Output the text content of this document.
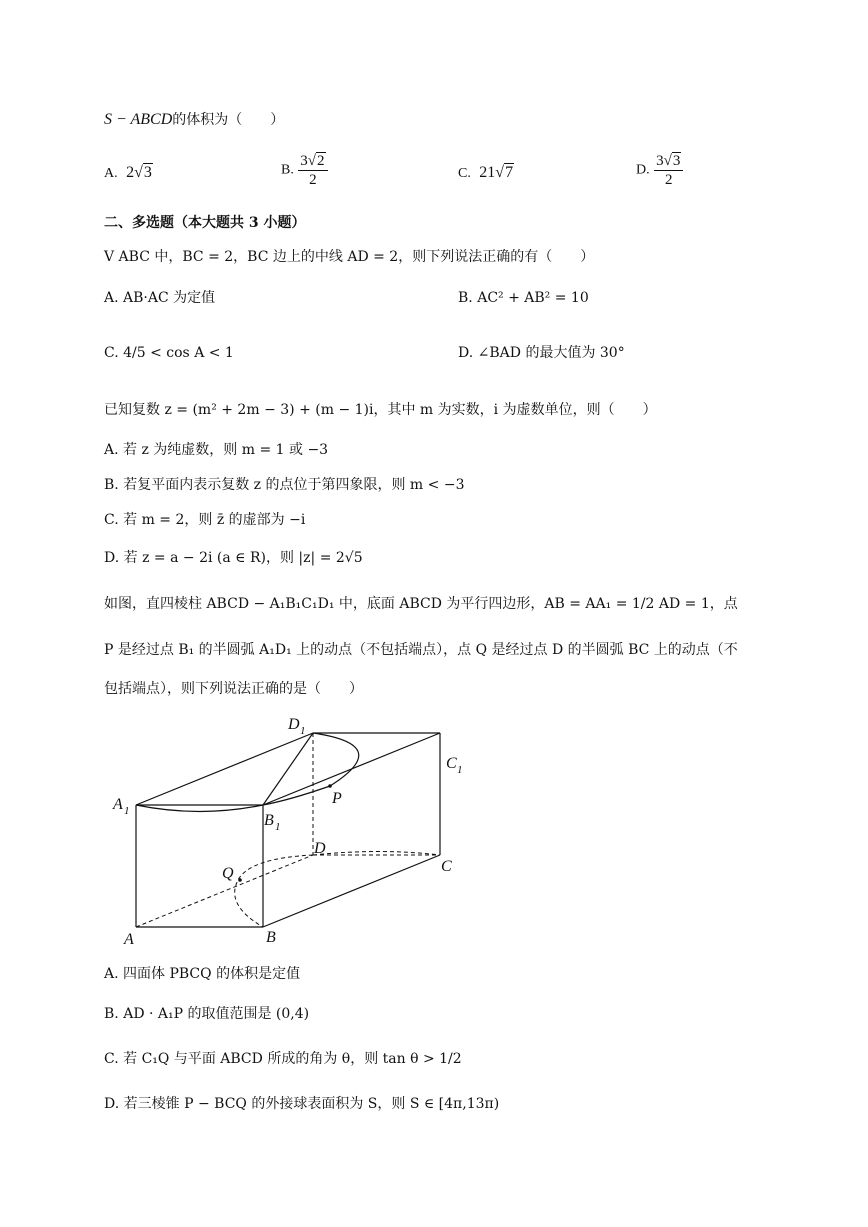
S − ABCD的体积为（　　）
A.  2√3	B. $\frac{3√2}{2}$	C.  21√7	D. $\frac{3√3}{2}$
二、多选题（本大题共 3 小题）
V ABC 中，BC = 2，BC 边上的中线 AD = 2，则下列说法正确的有（　　）
A. AB·AC 为定值	B. AC² + AB² = 10
C. 4/5 < cos A < 1	D. ∠BAD 的最大值为 30°
已知复数 z = (m² + 2m − 3) + (m − 1)i，其中 m 为实数，i 为虚数单位，则（　　）
A. 若 z 为纯虚数，则 m = 1 或 −3
B. 若复平面内表示复数 z 的点位于第四象限，则 m < −3
C. 若 m = 2，则 z̄ 的虚部为 −i
D. 若 z = a − 2i (a ∈ R)，则 |z| = 2√5
如图，直四棱柱 ABCD − A₁B₁C₁D₁ 中，底面 ABCD 为平行四边形，AB = AA₁ = 1/2 AD = 1，点
P 是经过点 B₁ 的半圆弧 A₁D₁ 上的动点（不包括端点），点 Q 是经过点 D 的半圆弧 BC 上的动点（不
包括端点），则下列说法正确的是（　　）
D 1
C 1
A 1
B 1
P
D
C
Q
A	B
A. 四面体 PBCQ 的体积是定值
B. AD · A₁P 的取值范围是 (0,4)
C. 若 C₁Q 与平面 ABCD 所成的角为 θ，则 tan θ > 1/2
D. 若三棱锥 P − BCQ 的外接球表面积为 S，则 S ∈ [4π,13π)
